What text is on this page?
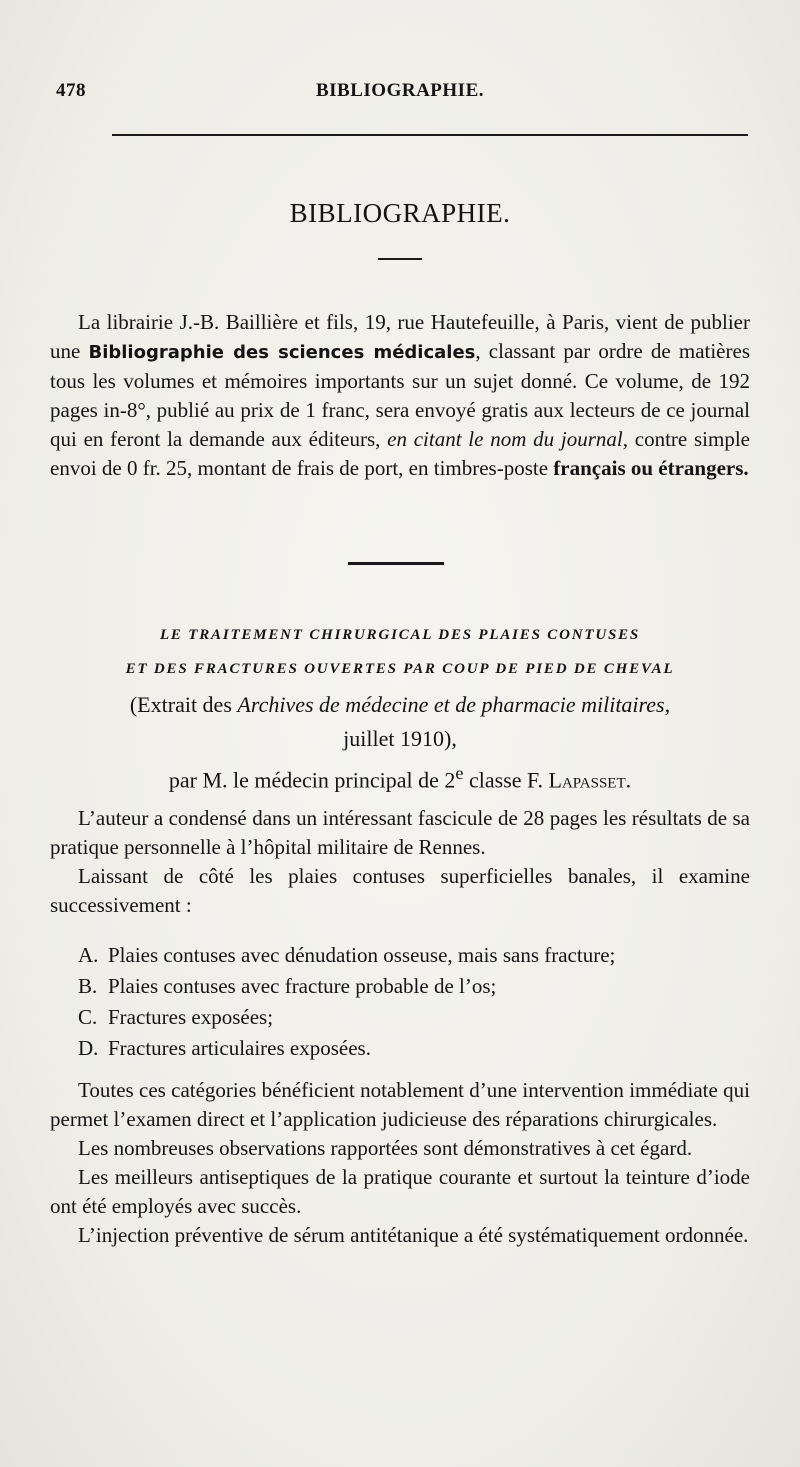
478	BIBLIOGRAPHIE.
BIBLIOGRAPHIE.
La librairie J.-B. Baillière et fils, 19, rue Hautefeuille, à Paris, vient de publier une Bibliographie des sciences médicales, classant par ordre de matières tous les volumes et mémoires importants sur un sujet donné. Ce volume, de 192 pages in-8°, publié au prix de 1 franc, sera envoyé gratis aux lecteurs de ce journal qui en feront la demande aux éditeurs, en citant le nom du journal, contre simple envoi de 0 fr. 25, montant de frais de port, en timbres-poste français ou étrangers.
LE TRAITEMENT CHIRURGICAL DES PLAIES CONTUSES
ET DES FRACTURES OUVERTES PAR COUP DE PIED DE CHEVAL
(Extrait des Archives de médecine et de pharmacie militaires,
juillet 1910),
par M. le médecin principal de 2e classe F. Lapasset.

L’auteur a condensé dans un intéressant fascicule de 28 pages les résultats de sa pratique personnelle à l’hôpital militaire de Rennes.

Laissant de côté les plaies contuses superficielles banales, il examine successivement :

A. Plaies contuses avec dénudation osseuse, mais sans fracture;
B. Plaies contuses avec fracture probable de l’os;
C. Fractures exposées;
D. Fractures articulaires exposées.

Toutes ces catégories bénéficient notablement d’une intervention immédiate qui permet l’examen direct et l’application judicieuse des réparations chirurgicales.

Les nombreuses observations rapportées sont démonstratives à cet égard.

Les meilleurs antiseptiques de la pratique courante et surtout la teinture d’iode ont été employés avec succès.

L’injection préventive de sérum antitétanique a été systématiquement ordonnée.
